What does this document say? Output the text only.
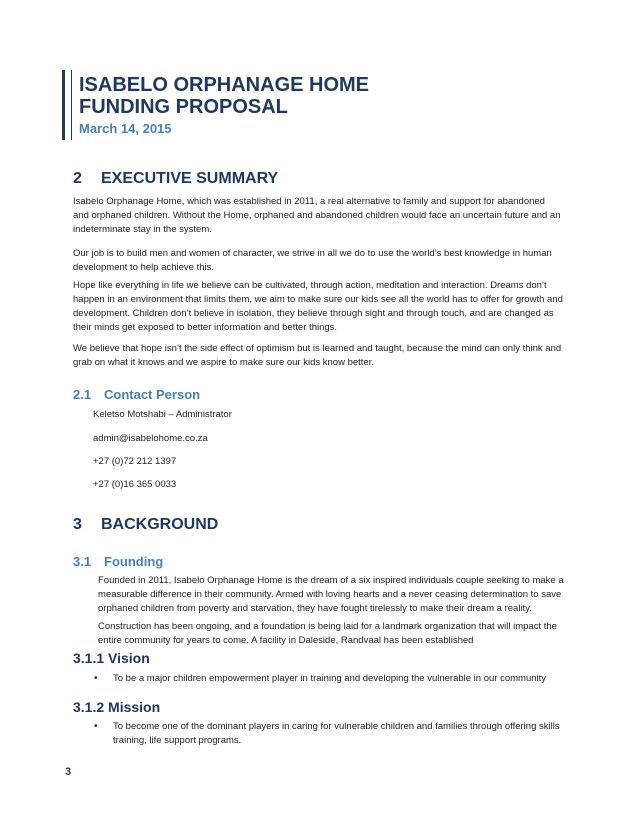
ISABELO ORPHANAGE HOME
FUNDING PROPOSAL
March 14, 2015
2 EXECUTIVE SUMMARY

Isabelo Orphanage Home, which was established in 2011, a real alternative to family and support for abandoned and orphaned children. Without the Home, orphaned and abandoned children would face an uncertain future and an indeterminate stay in the system.

Our job is to build men and women of character, we strive in all we do to use the world’s best knowledge in human development to help achieve this.

Hope like everything in life we believe can be cultivated, through action, meditation and interaction. Dreams don’t happen in an environment that limits them, we aim to make sure our kids see all the world has to offer for growth and development. Children don’t believe in isolation, they believe through sight and through touch, and are changed as their minds get exposed to better information and better things.

We believe that hope isn’t the side effect of optimism but is learned and taught, because the mind can only think and grab on what it knows and we aspire to make sure our kids know better.

2.1 Contact Person

Keletso Motshabi – Administrator

admin@isabelohome.co.za

+27 (0)72 212 1397

+27 (0)16 365 0033

3 BACKGROUND
3.1 Founding

Founded in 2011, Isabelo Orphanage Home is the dream of a six inspired individuals couple seeking to make a measurable difference in their community. Armed with loving hearts and a never ceasing determination to save orphaned children from poverty and starvation, they have fought tirelessly to make their dream a reality.

Construction has been ongoing, and a foundation is being laid for a landmark organization that will impact the entire community for years to come. A facility in Daleside, Randvaal has been established

3.1.1 Vision
• To be a major children empowerment player in training and developing the vulnerable in our community
3.1.2 Mission
• To become one of the dominant players in caring for vulnerable children and families through offering skills training, life support programs.
3
